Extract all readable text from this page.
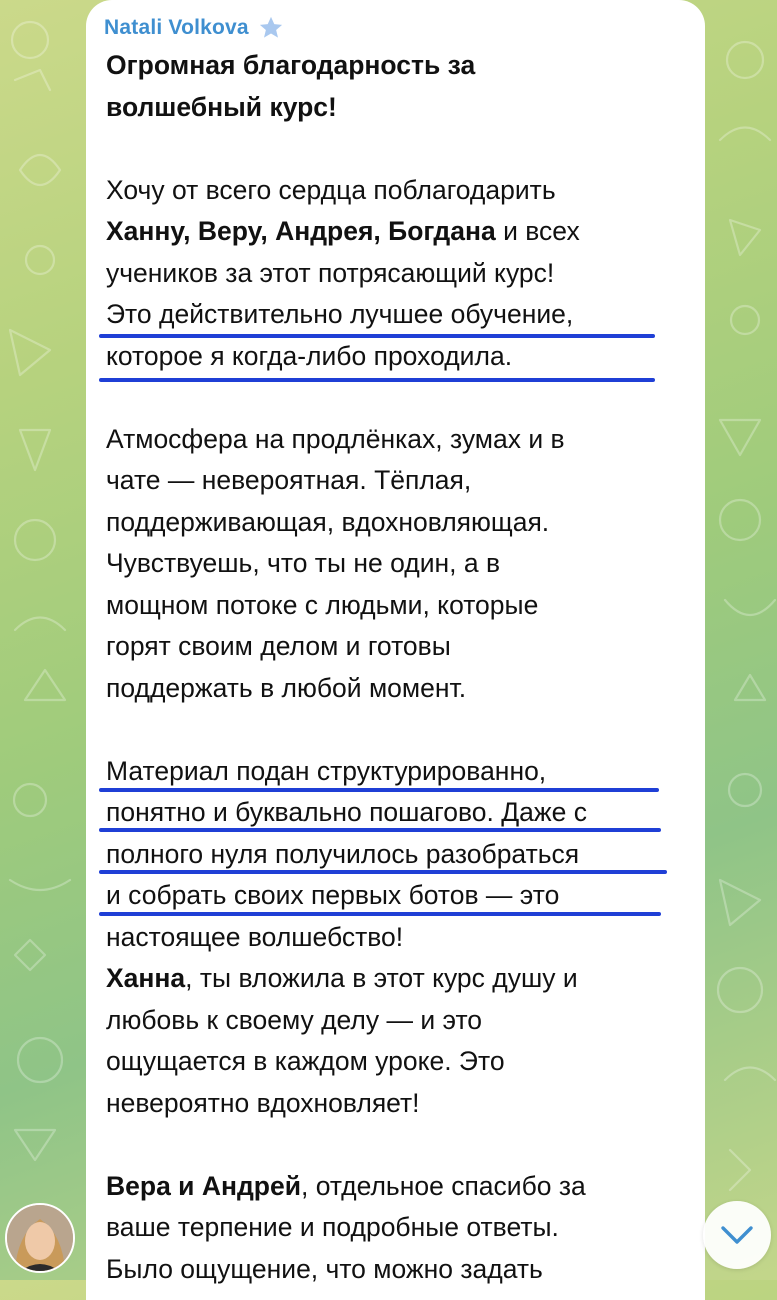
Natali Volkova
Огромная благодарность за
волшебный курс!
Хочу от всего сердца поблагодарить
Ханну, Веру, Андрея, Богдана и всех
учеников за этот потрясающий курс!
Это действительно лучшее обучение,
которое я когда-либо проходила.
Атмосфера на продлёнках, зумах и в
чате — невероятная. Тёплая,
поддерживающая, вдохновляющая.
Чувствуешь, что ты не один, а в
мощном потоке с людьми, которые
горят своим делом и готовы
поддержать в любой момент.
Материал подан структурированно,
понятно и буквально пошагово. Даже с
полного нуля получилось разобраться
и собрать своих первых ботов — это
настоящее волшебство!
Ханна, ты вложила в этот курс душу и
любовь к своему делу — и это
ощущается в каждом уроке. Это
невероятно вдохновляет!
Вера и Андрей, отдельное спасибо за
ваше терпение и подробные ответы.
Было ощущение, что можно задать
